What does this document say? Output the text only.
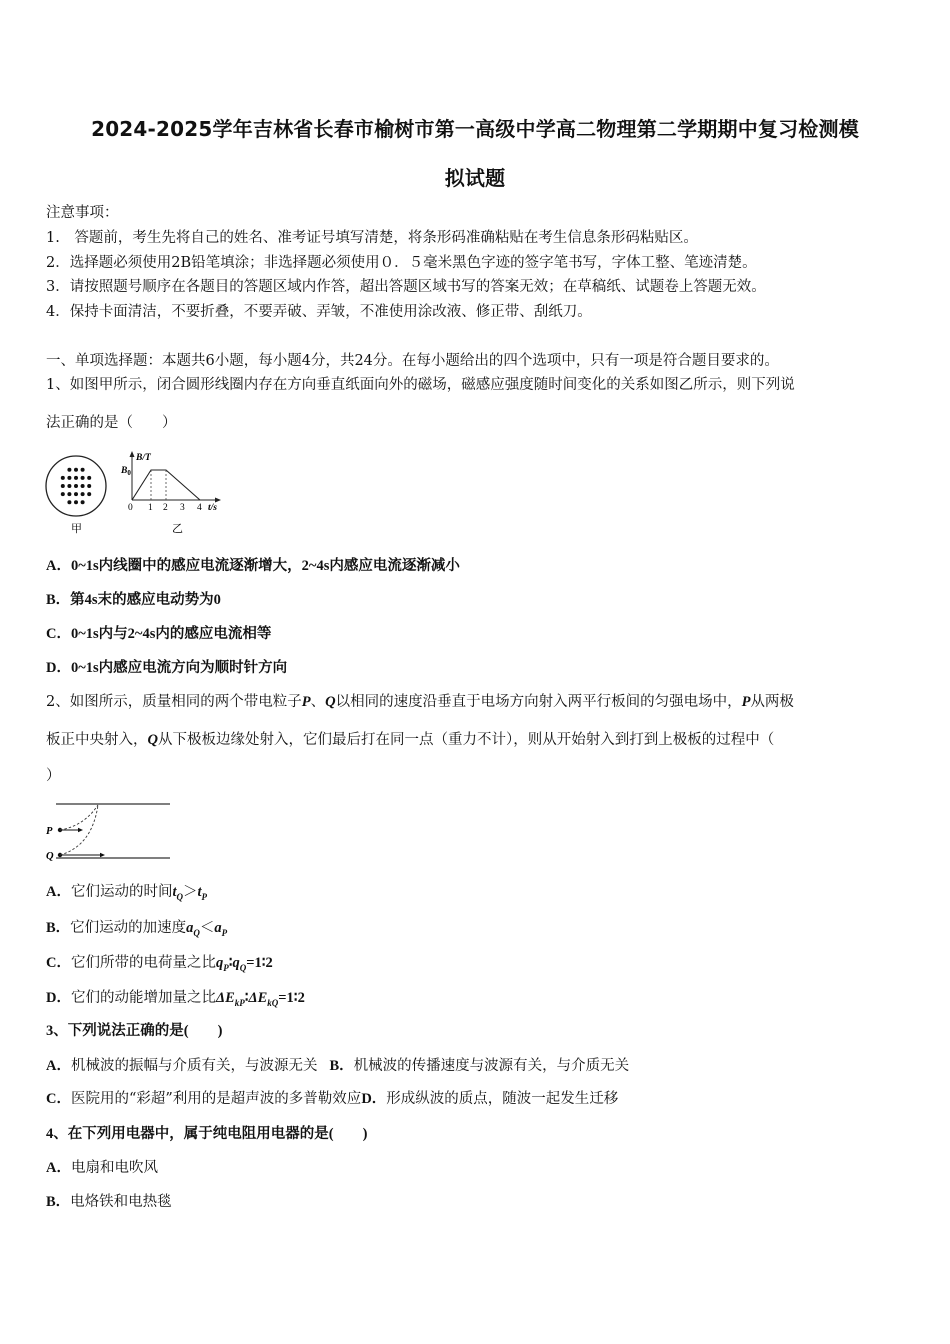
2024-2025学年吉林省长春市榆树市第一高级中学高二物理第二学期期中复习检测模
拟试题
注意事项：
1.　答题前，考生先将自己的姓名、准考证号填写清楚，将条形码准确粘贴在考生信息条形码粘贴区。
2．选择题必须使用2B铅笔填涂；非选择题必须使用０．５毫米黑色字迹的签字笔书写，字体工整、笔迹清楚。
3．请按照题号顺序在各题目的答题区域内作答，超出答题区域书写的答案无效；在草稿纸、试题卷上答题无效。
4．保持卡面清洁，不要折叠，不要弄破、弄皱，不准使用涂改液、修正带、刮纸刀。
一、单项选择题：本题共6小题，每小题4分，共24分。在每小题给出的四个选项中，只有一项是符合题目要求的。
1、如图甲所示，闭合圆形线圈内存在方向垂直纸面向外的磁场，磁感应强度随时间变化的关系如图乙所示，则下列说
法正确的是（　　）
甲
B/T
$B_0$
0 1 2 3 4 t/s
乙
A．0~1s内线圈中的感应电流逐渐增大，2~4s内感应电流逐渐减小
B．第4s末的感应电动势为0
C．0~1s内与2~4s内的感应电流相等
D．0~1s内感应电流方向为顺时针方向
2、如图所示，质量相同的两个带电粒子P、Q以相同的速度沿垂直于电场方向射入两平行板间的匀强电场中，P从两极
板正中央射入，Q从下极板边缘处射入，它们最后打在同一点（重力不计），则从开始射入到打到上极板的过程中（
）
P
Q
A．它们运动的时间$t_Q>t_P$
B．它们运动的加速度$a_Q<a_P$
C．它们所带的电荷量之比$q_P∶q_Q=1∶2$
D．它们的动能增加量之比$\Delta E_{kP}∶\Delta E_{kQ}=1∶2$
3、下列说法正确的是(　　)
A．机械波的振幅与介质有关，与波源无关 B．机械波的传播速度与波源有关，与介质无关
C．医院用的“彩超”利用的是超声波的多普勒效应D．形成纵波的质点，随波一起发生迁移
4、在下列用电器中，属于纯电阻用电器的是(　　)
A．电扇和电吹风
B．电烙铁和电热毯
